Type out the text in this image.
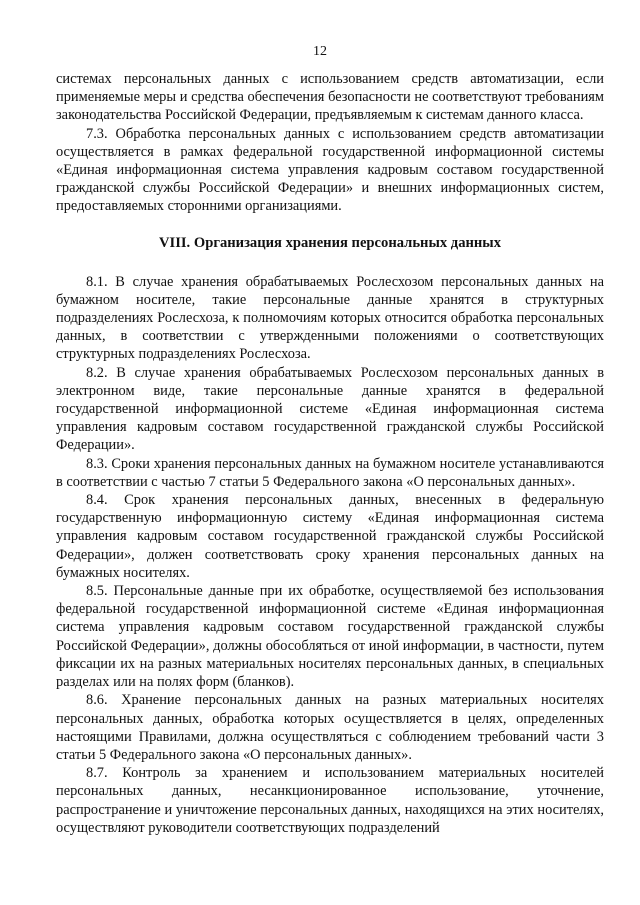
12

системах персональных данных с использованием средств автоматизации, если применяемые меры и средства обеспечения безопасности не соответствуют требованиям законодательства Российской Федерации, предъявляемым к системам данного класса.

7.3. Обработка персональных данных с использованием средств автоматизации осуществляется в рамках федеральной государственной информационной системы «Единая информационная система управления кадровым составом государственной гражданской службы Российской Федерации» и внешних информационных систем, предоставляемых сторонними организациями.

VIII. Организация хранения персональных данных

8.1. В случае хранения обрабатываемых Рослесхозом персональных данных на бумажном носителе, такие персональные данные хранятся в структурных подразделениях Рослесхоза, к полномочиям которых относится обработка персональных данных, в соответствии с утвержденными положениями о соответствующих структурных подразделениях Рослесхоза.

8.2. В случае хранения обрабатываемых Рослесхозом персональных данных в электронном виде, такие персональные данные хранятся в федеральной государственной информационной системе «Единая информационная система управления кадровым составом государственной гражданской службы Российской Федерации».

8.3. Сроки хранения персональных данных на бумажном носителе устанавливаются в соответствии с частью 7 статьи 5 Федерального закона «О персональных данных».

8.4. Срок хранения персональных данных, внесенных в федеральную государственную информационную систему «Единая информационная система управления кадровым составом государственной гражданской службы Российской Федерации», должен соответствовать сроку хранения персональных данных на бумажных носителях.

8.5. Персональные данные при их обработке, осуществляемой без использования федеральной государственной информационной системе «Единая информационная система управления кадровым составом государственной гражданской службы Российской Федерации», должны обособляться от иной информации, в частности, путем фиксации их на разных материальных носителях персональных данных, в специальных разделах или на полях форм (бланков).

8.6. Хранение персональных данных на разных материальных носителях персональных данных, обработка которых осуществляется в целях, определенных настоящими Правилами, должна осуществляться с соблюдением требований части 3 статьи 5 Федерального закона «О персональных данных».

8.7. Контроль за хранением и использованием материальных носителей персональных данных, несанкционированное использование, уточнение, распространение и уничтожение персональных данных, находящихся на этих носителях, осуществляют руководители соответствующих подразделений
